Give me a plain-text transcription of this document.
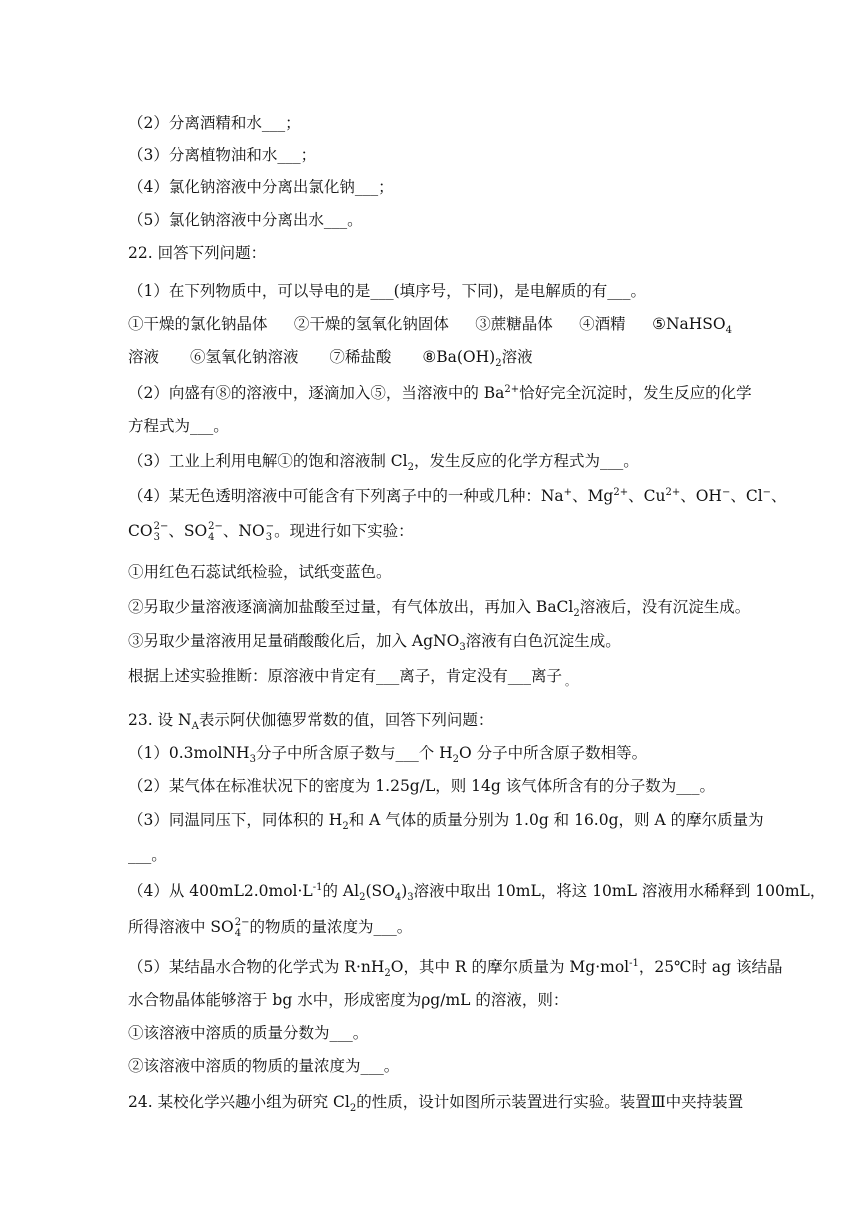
（2）分离酒精和水___；
（3）分离植物油和水___；
（4）氯化钠溶液中分离出氯化钠___；
（5）氯化钠溶液中分离出水___。
22. 回答下列问题：
（1）在下列物质中，可以导电的是___(填序号，下同)，是电解质的有___。
①干燥的氯化钠晶体 ②干燥的氢氧化钠固体 ③蔗糖晶体 ④酒精 ⑤NaHSO$_4$
溶液 ⑥氢氧化钠溶液 ⑦稀盐酸 $⑧Ba(OH)_2$溶液
（2）向盛有⑧的溶液中，逐滴加入⑤，当溶液中的 $Ba^{2+}$恰好完全沉淀时，发生反应的化学
方程式为___。
（3）工业上利用电解①的饱和溶液制 $Cl_2$，发生反应的化学方程式为___。
（4）某无色透明溶液中可能含有下列离子中的一种或几种：Na+、$Mg^{2+}$、$Cu^{2+}$、OH−、Cl−、
CO 2−
3 、SO 2−
4 、NO −
3 。现进行如下实验：
①用红色石蕊试纸检验，试纸变蓝色。
②另取少量溶液逐滴滴加盐酸至过量，有气体放出，再加入 BaCl$_2$溶液后，没有沉淀生成。
③另取少量溶液用足量硝酸酸化后，加入 AgNO$_3$溶液有白色沉淀生成。
根据上述实验推断：原溶液中肯定有___离子，肯定没有___离子 $_。$
23. 设 $N_A$表示阿伏伽德罗常数的值，回答下列问题：
（1）0.3molNH$_3$分子中所含原子数与___个 $H_2O$ 分子中所含原子数相等。
（2）某气体在标准状况下的密度为 1.25g/L，则 14g 该气体所含有的分子数为___。
（3）同温同压下，同体积的 $H_2$和 A 气体的质量分别为 1.0g 和 16.0g，则 A 的摩尔质量为
___。
（4）从 $400mL2.0mol\cdot L^{-1}$的 $Al_2(SO_4)_3$溶液中取出 10mL，将这 10mL 溶液用水稀释到 100mL，
所得溶液中 SO 2−
4 的物质的量浓度为___。
（5）某结晶水合物的化学式为 $R\cdot nH_2O$，其中 R 的摩尔质量为 Mg·mol$^{-1}$，25℃时 ag 该结晶
水合物晶体能够溶于 bg 水中，形成密度为ρg/mL 的溶液，则：
①该溶液中溶质的质量分数为___。
②该溶液中溶质的物质的量浓度为___。
24. 某校化学兴趣小组为研究 $Cl_2$的性质，设计如图所示装置进行实验。装置Ⅲ中夹持装置
